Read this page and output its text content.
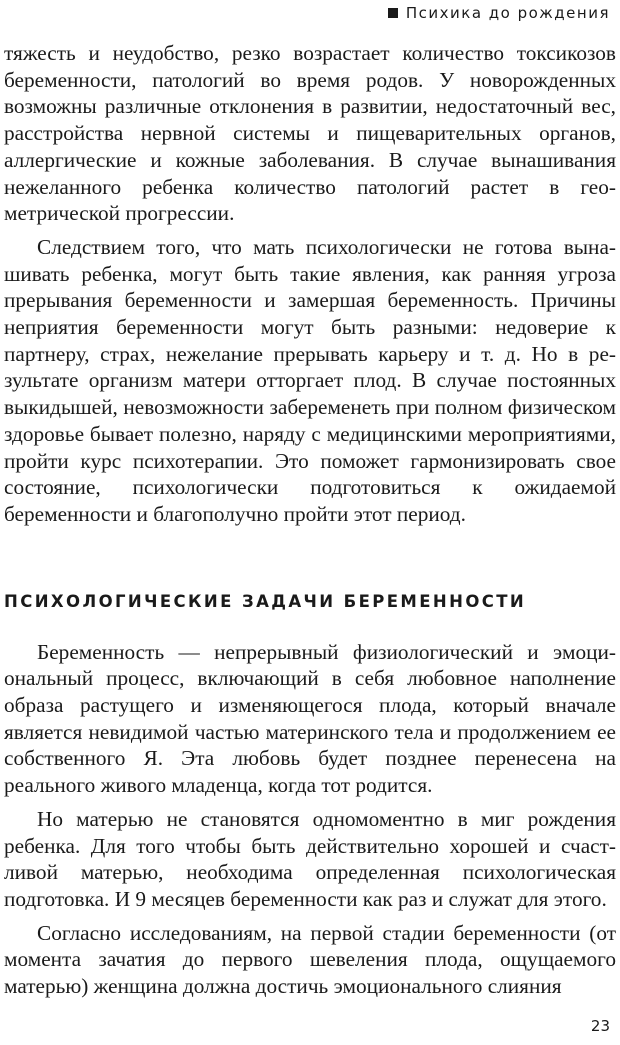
Психика до рождения

тяжесть и неудобство, резко возрастает количество токсикозов беременности, патологий во время родов. У новорожденных возможны различные отклонения в развитии, недостаточный вес, расстройства нервной системы и пищеварительных органов, аллергические и кожные заболевания. В случае вынашивания нежеланного ребенка количество патологий растет в геометрической прогрессии.

Следствием того, что мать психологически не готова вынашивать ребенка, могут быть такие явления, как ранняя угроза прерывания беременности и замершая беременность. Причины неприятия беременности могут быть разными: недоверие к партнеру, страх, нежелание прерывать карьеру и т. д. Но в результате организм матери отторгает плод. В случае постоянных выкидышей, невозможности забеременеть при полном физическом здоровье бывает полезно, наряду с медицинскими мероприятиями, пройти курс психотерапии. Это поможет гармонизировать свое состояние, психологически подготовиться к ожидаемой беременности и благополучно пройти этот период.

ПСИХОЛОГИЧЕСКИЕ ЗАДАЧИ БЕРЕМЕННОСТИ

Беременность — непрерывный физиологический и эмоциональный процесс, включающий в себя любовное наполнение образа растущего и изменяющегося плода, который вначале является невидимой частью материнского тела и продолжением ее собственного Я. Эта любовь будет позднее перенесена на реального живого младенца, когда тот родится.

Но матерью не становятся одномоментно в миг рождения ребенка. Для того чтобы быть действительно хорошей и счастливой матерью, необходима определенная психологическая подготовка. И 9 месяцев беременности как раз и служат для этого.

Согласно исследованиям, на первой стадии беременности (от момента зачатия до первого шевеления плода, ощущаемого матерью) женщина должна достичь эмоционального слияния

23
